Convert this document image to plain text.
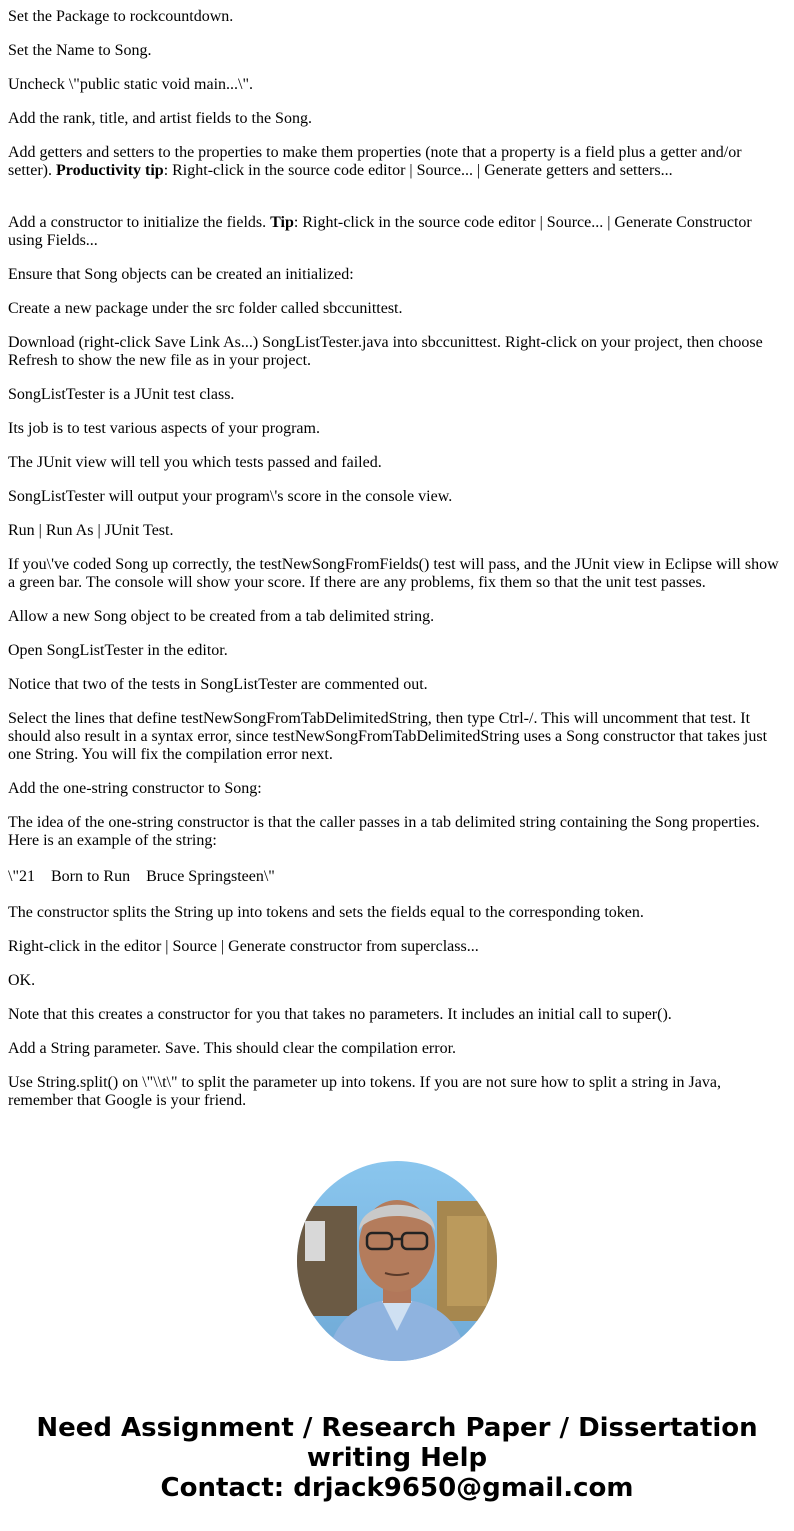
Set the Package to rockcountdown.

Set the Name to Song.

Uncheck \"public static void main...\".

Add the rank, title, and artist fields to the Song.

Add getters and setters to the properties to make them properties (note that a property is a field plus a getter and/or setter). Productivity tip: Right-click in the source code editor | Source... | Generate getters and setters...

Add a constructor to initialize the fields. Tip: Right-click in the source code editor | Source... | Generate Constructor using Fields...

Ensure that Song objects can be created an initialized:

Create a new package under the src folder called sbccunittest.

Download (right-click Save Link As...) SongListTester.java into sbccunittest. Right-click on your project, then choose Refresh to show the new file as in your project.

SongListTester is a JUnit test class.

Its job is to test various aspects of your program.

The JUnit view will tell you which tests passed and failed.

SongListTester will output your program\'s score in the console view.

Run | Run As | JUnit Test.

If you\'ve coded Song up correctly, the testNewSongFromFields() test will pass, and the JUnit view in Eclipse will show a green bar. The console will show your score. If there are any problems, fix them so that the unit test passes.

Allow a new Song object to be created from a tab delimited string.

Open SongListTester in the editor.

Notice that two of the tests in SongListTester are commented out.

Select the lines that define testNewSongFromTabDelimitedString, then type Ctrl-/. This will uncomment that test. It should also result in a syntax error, since testNewSongFromTabDelimitedString uses a Song constructor that takes just one String. You will fix the compilation error next.

Add the one-string constructor to Song:

The idea of the one-string constructor is that the caller passes in a tab delimited string containing the Song properties. Here is an example of the string:

\"21    Born to Run    Bruce Springsteen\"

The constructor splits the String up into tokens and sets the fields equal to the corresponding token.

Right-click in the editor | Source | Generate constructor from superclass...

OK.

Note that this creates a constructor for you that takes no parameters. It includes an initial call to super().

Add a String parameter. Save. This should clear the compilation error.

Use String.split() on \"\\t\" to split the parameter up into tokens. If you are not sure how to split a string in Java, remember that Google is your friend.

Need Assignment / Research Paper / Dissertation
writing Help
Contact: drjack9650@gmail.com
